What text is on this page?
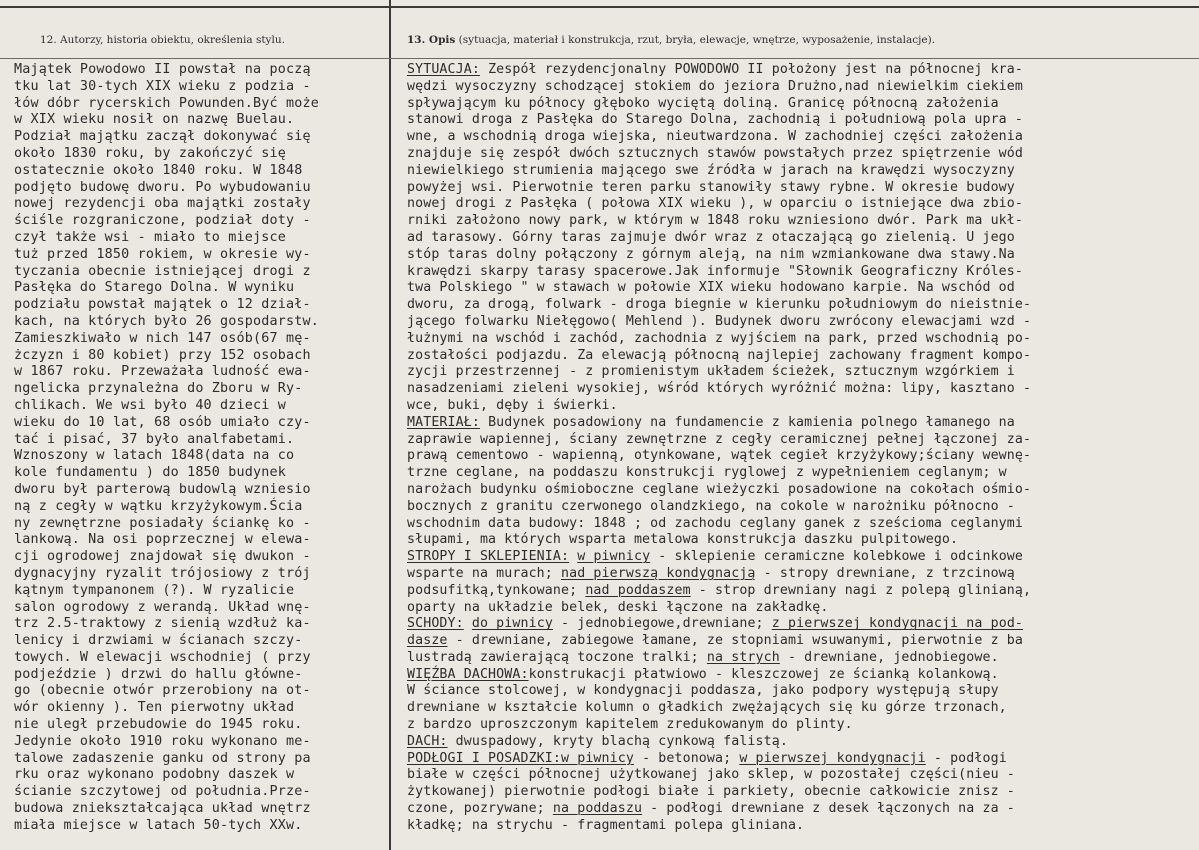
12. Autorzy, historia obiektu, określenia stylu.	13. Opis (sytuacja, materiał i konstrukcja, rzut, bryła, elewacje, wnętrze, wyposażenie, instalacje).

Majątek Powodowo II powstał na począ
tku lat 30-tych XIX wieku z podzia -
łów dóbr rycerskich Powunden.Być może
w XIX wieku nosił on nazwę Buelau.
Podział majątku zaczął dokonywać się
około 1830 roku, by zakończyć się
ostatecznie około 1840 roku. W 1848
podjęto budowę dworu. Po wybudowaniu
nowej rezydencji oba majątki zostały
ściśle rozgraniczone, podział doty -
czył także wsi - miało to miejsce
tuż przed 1850 rokiem, w okresie wy-
tyczania obecnie istniejącej drogi z
Pasłęka do Starego Dolna. W wyniku
podziału powstał majątek o 12 dział-
kach, na których było 26 gospodarstw.
Zamieszkiwało w nich 147 osób(67 mę-
żczyzn i 80 kobiet) przy 152 osobach
w 1867 roku. Przeważała ludność ewa-
ngelicka przynależna do Zboru w Ry-
chlikach. We wsi było 40 dzieci w
wieku do 10 lat, 68 osób umiało czy-
tać i pisać, 37 było analfabetami.
Wznoszony w latach 1848(data na co
kole fundamentu ) do 1850 budynek
dworu był parterową budowlą wzniesio
ną z cegły w wątku krzyżykowym.Ścia
ny zewnętrzne posiadały ściankę ko -
lankową. Na osi poprzecznej w elewa-
cji ogrodowej znajdował się dwukon -
dygnacyjny ryzalit trójosiowy z trój
kątnym tympanonem (?). W ryzalicie
salon ogrodowy z werandą. Układ wnę-
trz 2.5-traktowy z sienią wzdłuż ka-
lenicy i drzwiami w ścianach szczy-
towych. W elewacji wschodniej ( przy
podjeździe ) drzwi do hallu główne-
go (obecnie otwór przerobiony na ot-
wór okienny ). Ten pierwotny układ
nie uległ przebudowie do 1945 roku.
Jedynie około 1910 roku wykonano me-
talowe zadaszenie ganku od strony pa
rku oraz wykonano podobny daszek w
ścianie szczytowej od południa.Prze-
budowa zniekształcająca układ wnętrz
miała miejsce w latach 50-tych XXw.
SYTUACJA: Zespół rezydencjonalny POWODOWO II położony jest na północnej kra-
wędzi wysoczyzny schodzącej stokiem do jeziora Drużno,nad niewielkim ciekiem
spływającym ku północy głęboko wyciętą doliną. Granicę północną założenia
stanowi droga z Pasłęka do Starego Dolna, zachodnią i południową pola upra -
wne, a wschodnią droga wiejska, nieutwardzona. W zachodniej części założenia
znajduje się zespół dwóch sztucznych stawów powstałych przez spiętrzenie wód
niewielkiego strumienia mającego swe źródła w jarach na krawędzi wysoczyzny
powyżej wsi. Pierwotnie teren parku stanowiły stawy rybne. W okresie budowy
nowej drogi z Pasłęka ( połowa XIX wieku ), w oparciu o istniejące dwa zbio-
rniki założono nowy park, w którym w 1848 roku wzniesiono dwór. Park ma ukł-
ad tarasowy. Górny taras zajmuje dwór wraz z otaczającą go zielenią. U jego
stóp taras dolny połączony z górnym aleją, na nim wzmiankowane dwa stawy.Na
krawędzi skarpy tarasy spacerowe.Jak informuje "Słownik Geograficzny Króles-
twa Polskiego " w stawach w połowie XIX wieku hodowano karpie. Na wschód od
dworu, za drogą, folwark - droga biegnie w kierunku południowym do nieistnie-
jącego folwarku Niełęgowo( Mehlend ). Budynek dworu zwrócony elewacjami wzd -
łużnymi na wschód i zachód, zachodnia z wyjściem na park, przed wschodnią po-
zostałości podjazdu. Za elewacją północną najlepiej zachowany fragment kompo-
zycji przestrzennej - z promienistym układem ścieżek, sztucznym wzgórkiem i
nasadzeniami zieleni wysokiej, wśród których wyróżnić można: lipy, kasztano -
wce, buki, dęby i świerki.
MATERIAŁ: Budynek posadowiony na fundamencie z kamienia polnego łamanego na
zaprawie wapiennej, ściany zewnętrzne z cegły ceramicznej pełnej łączonej za-
prawą cementowo - wapienną, otynkowane, wątek cegieł krzyżykowy;ściany wewnę-
trzne ceglane, na poddaszu konstrukcji ryglowej z wypełnieniem ceglanym; w
narożach budynku ośmioboczne ceglane wieżyczki posadowione na cokołach ośmio-
bocznych z granitu czerwonego olandzkiego, na cokole w narożniku północno -
wschodnim data budowy: 1848 ; od zachodu ceglany ganek z sześcioma ceglanymi
słupami, ma których wsparta metalowa konstrukcja daszku pulpitowego.
STROPY I SKLEPIENIA: w piwnicy - sklepienie ceramiczne kolebkowe i odcinkowe
wsparte na murach; nad pierwszą kondygnacją - stropy drewniane, z trzcinową
podsufitką,tynkowane; nad poddaszem - strop drewniany nagi z polepą glinianą,
oparty na układzie belek, deski łączone na zakładkę.
SCHODY: do piwnicy - jednobiegowe,drewniane; z pierwszej kondygnacji na pod-
dasze - drewniane, zabiegowe łamane, ze stopniami wsuwanymi, pierwotnie z ba
lustradą zawierającą toczone tralki; na strych - drewniane, jednobiegowe.
WIĘŹBA DACHOWA:konstrukacji płatwiowo - kleszczowej ze ścianką kolankową.
W ściance stolcowej, w kondygnacji poddasza, jako podpory występują słupy
drewniane w kształcie kolumn o gładkich zwężających się ku górze trzonach,
z bardzo uproszczonym kapitelem zredukowanym do plinty.
DACH: dwuspadowy, kryty blachą cynkową falistą.
PODŁOGI I POSADZKI:w piwnicy - betonowa; w pierwszej kondygnacji - podłogi
białe w części północnej użytkowanej jako sklep, w pozostałej części(nieu -
żytkowanej) pierwotnie podłogi białe i parkiety, obecnie całkowicie znisz -
czone, pozrywane; na poddaszu - podłogi drewniane z desek łączonych na za -
kładkę; na strychu - fragmentami polepa gliniana.
